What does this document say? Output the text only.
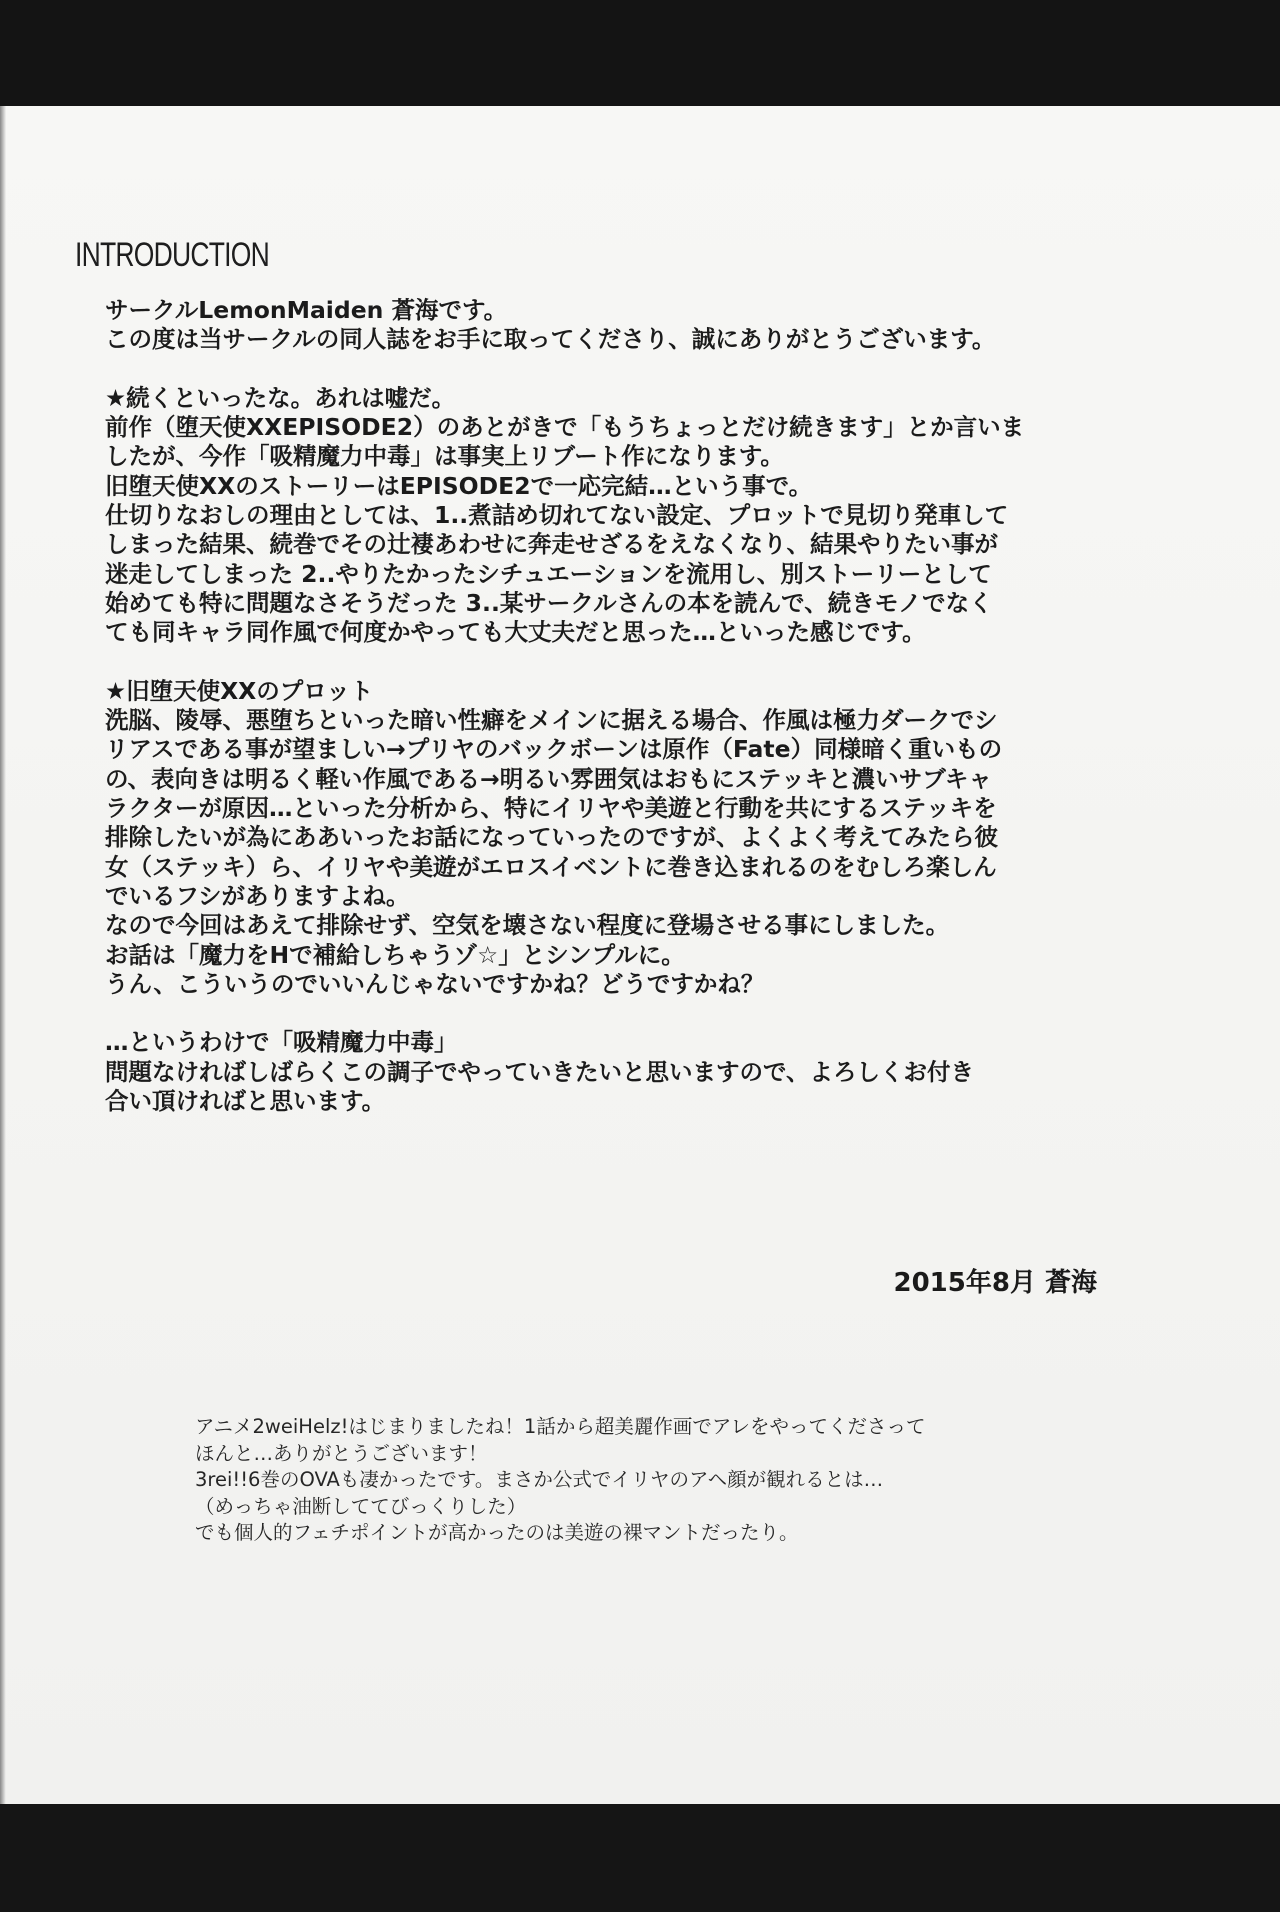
INTRODUCTION
サークルLemonMaiden 蒼海です。
この度は当サークルの同人誌をお手に取ってくださり、誠にありがとうございます。
★続くといったな。あれは嘘だ。
前作（堕天使XXEPISODE2）のあとがきで「もうちょっとだけ続きます」とか言いま
したが、今作「吸精魔力中毒」は事実上リブート作になります。
旧堕天使XXのストーリーはEPISODE2で一応完結…という事で。
仕切りなおしの理由としては、1..煮詰め切れてない設定、プロットで見切り発車して
しまった結果、続巻でその辻褄あわせに奔走せざるをえなくなり、結果やりたい事が
迷走してしまった 2..やりたかったシチュエーションを流用し、別ストーリーとして
始めても特に問題なさそうだった 3..某サークルさんの本を読んで、続きモノでなく
ても同キャラ同作風で何度かやっても大丈夫だと思った…といった感じです。
★旧堕天使XXのプロット
洗脳、陵辱、悪堕ちといった暗い性癖をメインに据える場合、作風は極力ダークでシ
リアスである事が望ましい→プリヤのバックボーンは原作（Fate）同様暗く重いもの
の、表向きは明るく軽い作風である→明るい雰囲気はおもにステッキと濃いサブキャ
ラクターが原因…といった分析から、特にイリヤや美遊と行動を共にするステッキを
排除したいが為にああいったお話になっていったのですが、よくよく考えてみたら彼
女（ステッキ）ら、イリヤや美遊がエロスイベントに巻き込まれるのをむしろ楽しん
でいるフシがありますよね。
なので今回はあえて排除せず、空気を壊さない程度に登場させる事にしました。
お話は「魔力をHで補給しちゃうゾ☆」とシンプルに。
うん、こういうのでいいんじゃないですかね？どうですかね？
…というわけで「吸精魔力中毒」
問題なければしばらくこの調子でやっていきたいと思いますので、よろしくお付き
合い頂ければと思います。
2015年8月 蒼海
アニメ2weiHelz!はじまりましたね！1話から超美麗作画でアレをやってくださって
ほんと…ありがとうございます！
3rei!!6巻のOVAも凄かったです。まさか公式でイリヤのアヘ顔が観れるとは…
（めっちゃ油断しててびっくりした）
でも個人的フェチポイントが高かったのは美遊の裸マントだったり。
